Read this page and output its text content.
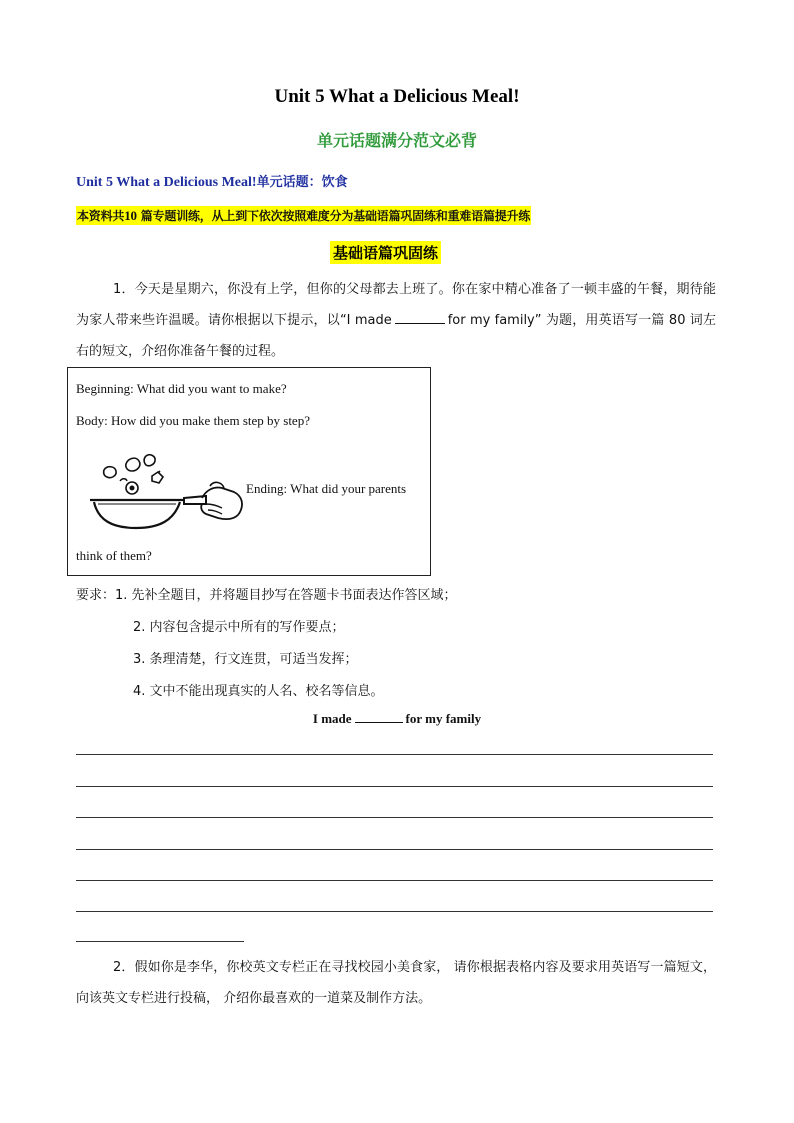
Unit 5 What a Delicious Meal!
单元话题满分范文必背
Unit 5 What a Delicious Meal!单元话题：饮食
本资料共10 篇专题训练，从上到下依次按照难度分为基础语篇巩固练和重难语篇提升练
基础语篇巩固练
1．今天是星期六，你没有上学，但你的父母都去上班了。你在家中精心准备了一顿丰盛的午餐，期待能为家人带来些许温暖。请你根据以下提示，以“I made	for my family” 为题，用英语写一篇 80 词左右的短文，介绍你准备午餐的过程。
Beginning: What did you want to make?
Body: How did you make them step by step?
Ending: What did your parents
think of them?
要求：1. 先补全题目，并将题目抄写在答题卡书面表达作答区域；
2. 内容包含提示中所有的写作要点；
3. 条理清楚，行文连贯，可适当发挥；
4. 文中不能出现真实的人名、校名等信息。
I made	for my family
2．假如你是李华，你校英文专栏正在寻找校园小美食家， 请你根据表格内容及要求用英语写一篇短文， 向该英文专栏进行投稿， 介绍你最喜欢的一道菜及制作方法。
